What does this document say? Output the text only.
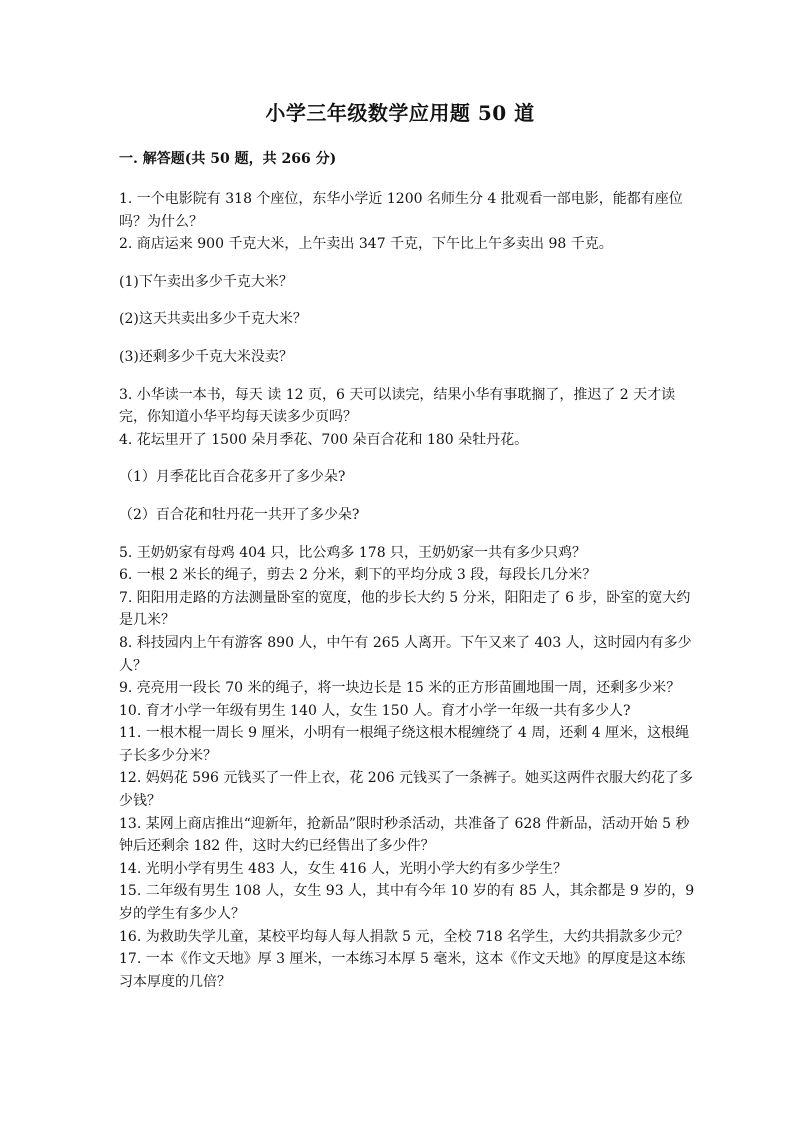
小学三年级数学应用题 50 道
一. 解答题(共 50 题，共 266 分)

1. 一个电影院有 318 个座位，东华小学近 1200 名师生分 4 批观看一部电影，能都有座位吗？为什么？

2. 商店运来 900 千克大米，上午卖出 347 千克，下午比上午多卖出 98 千克。

(1)下午卖出多少千克大米？

(2)这天共卖出多少千克大米？

(3)还剩多少千克大米没卖？

3. 小华读一本书，每天 读 12 页，6 天可以读完，结果小华有事耽搁了，推迟了 2 天才读完，你知道小华平均每天读多少页吗？

4. 花坛里开了 1500 朵月季花、700 朵百合花和 180 朵牡丹花。

（1）月季花比百合花多开了多少朵?

（2）百合花和牡丹花一共开了多少朵?

5. 王奶奶家有母鸡 404 只，比公鸡多 178 只，王奶奶家一共有多少只鸡？

6. 一根 2 米长的绳子，剪去 2 分米，剩下的平均分成 3 段，每段长几分米？

7. 阳阳用走路的方法测量卧室的宽度，他的步长大约 5 分米，阳阳走了 6 步，卧室的宽大约是几米？

8. 科技园内上午有游客 890 人，中午有 265 人离开。下午又来了 403 人，这时园内有多少人？

9. 亮亮用一段长 70 米的绳子，将一块边长是 15 米的正方形苗圃地围一周，还剩多少米？

10. 育才小学一年级有男生 140 人，女生 150 人。育才小学一年级一共有多少人?

11. 一根木棍一周长 9 厘米，小明有一根绳子绕这根木棍缠绕了 4 周，还剩 4 厘米，这根绳子长多少分米？

12. 妈妈花 596 元钱买了一件上衣，花 206 元钱买了一条裤子。她买这两件衣服大约花了多少钱？

13. 某网上商店推出“迎新年，抢新品”限时秒杀活动，共准备了 628 件新品，活动开始 5 秒钟后还剩余 182 件，这时大约已经售出了多少件？

14. 光明小学有男生 483 人，女生 416 人，光明小学大约有多少学生？

15. 二年级有男生 108 人，女生 93 人，其中有今年 10 岁的有 85 人，其余都是 9 岁的，9 岁的学生有多少人？

16. 为救助失学儿童，某校平均每人每人捐款 5 元，全校 718 名学生，大约共捐款多少元？

17. 一本《作文天地》厚 3 厘米，一本练习本厚 5 毫米，这本《作文天地》的厚度是这本练习本厚度的几倍？
